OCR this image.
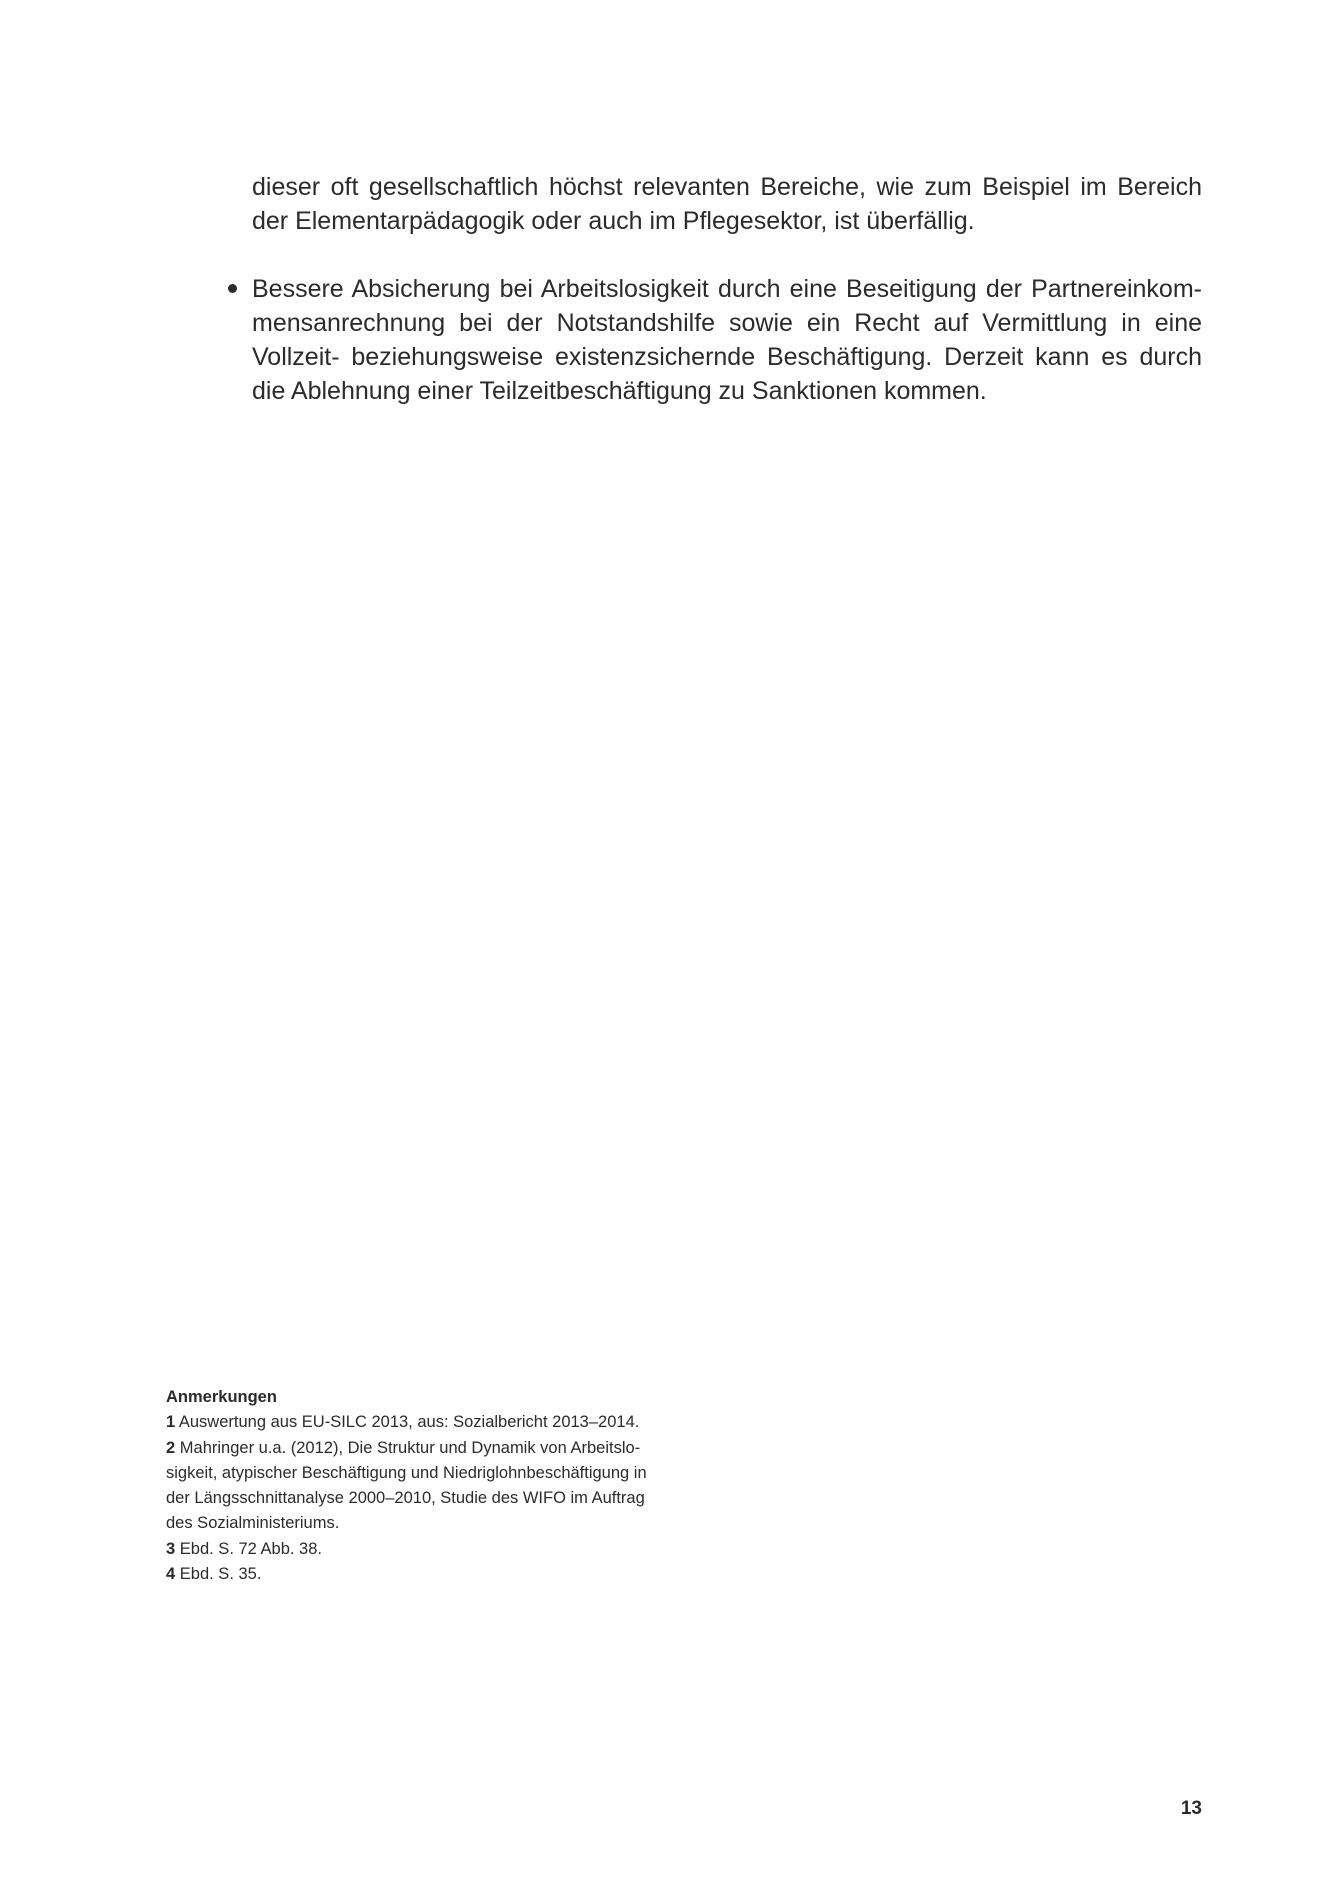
dieser oft gesellschaftlich höchst relevanten Bereiche, wie zum Beispiel im Bereich der Elementarpädagogik oder auch im Pflegesektor, ist überfällig.

Bessere Absicherung bei Arbeitslosigkeit durch eine Beseitigung der Partnereinkommensanrechnung bei der Notstandshilfe sowie ein Recht auf Vermittlung in eine Vollzeit- beziehungsweise existenzsichernde Beschäftigung. Derzeit kann es durch die Ablehnung einer Teilzeitbeschäftigung zu Sanktionen kommen.

Anmerkungen

1 Auswertung aus EU-SILC 2013, aus: Sozialbericht 2013–2014.

2 Mahringer u.a. (2012), Die Struktur und Dynamik von Arbeitslosigkeit, atypischer Beschäftigung und Niedriglohnbeschäftigung in der Längsschnittanalyse 2000–2010, Studie des WIFO im Auftrag des Sozialministeriums.

3 Ebd. S. 72 Abb. 38.

4 Ebd. S. 35.

13
